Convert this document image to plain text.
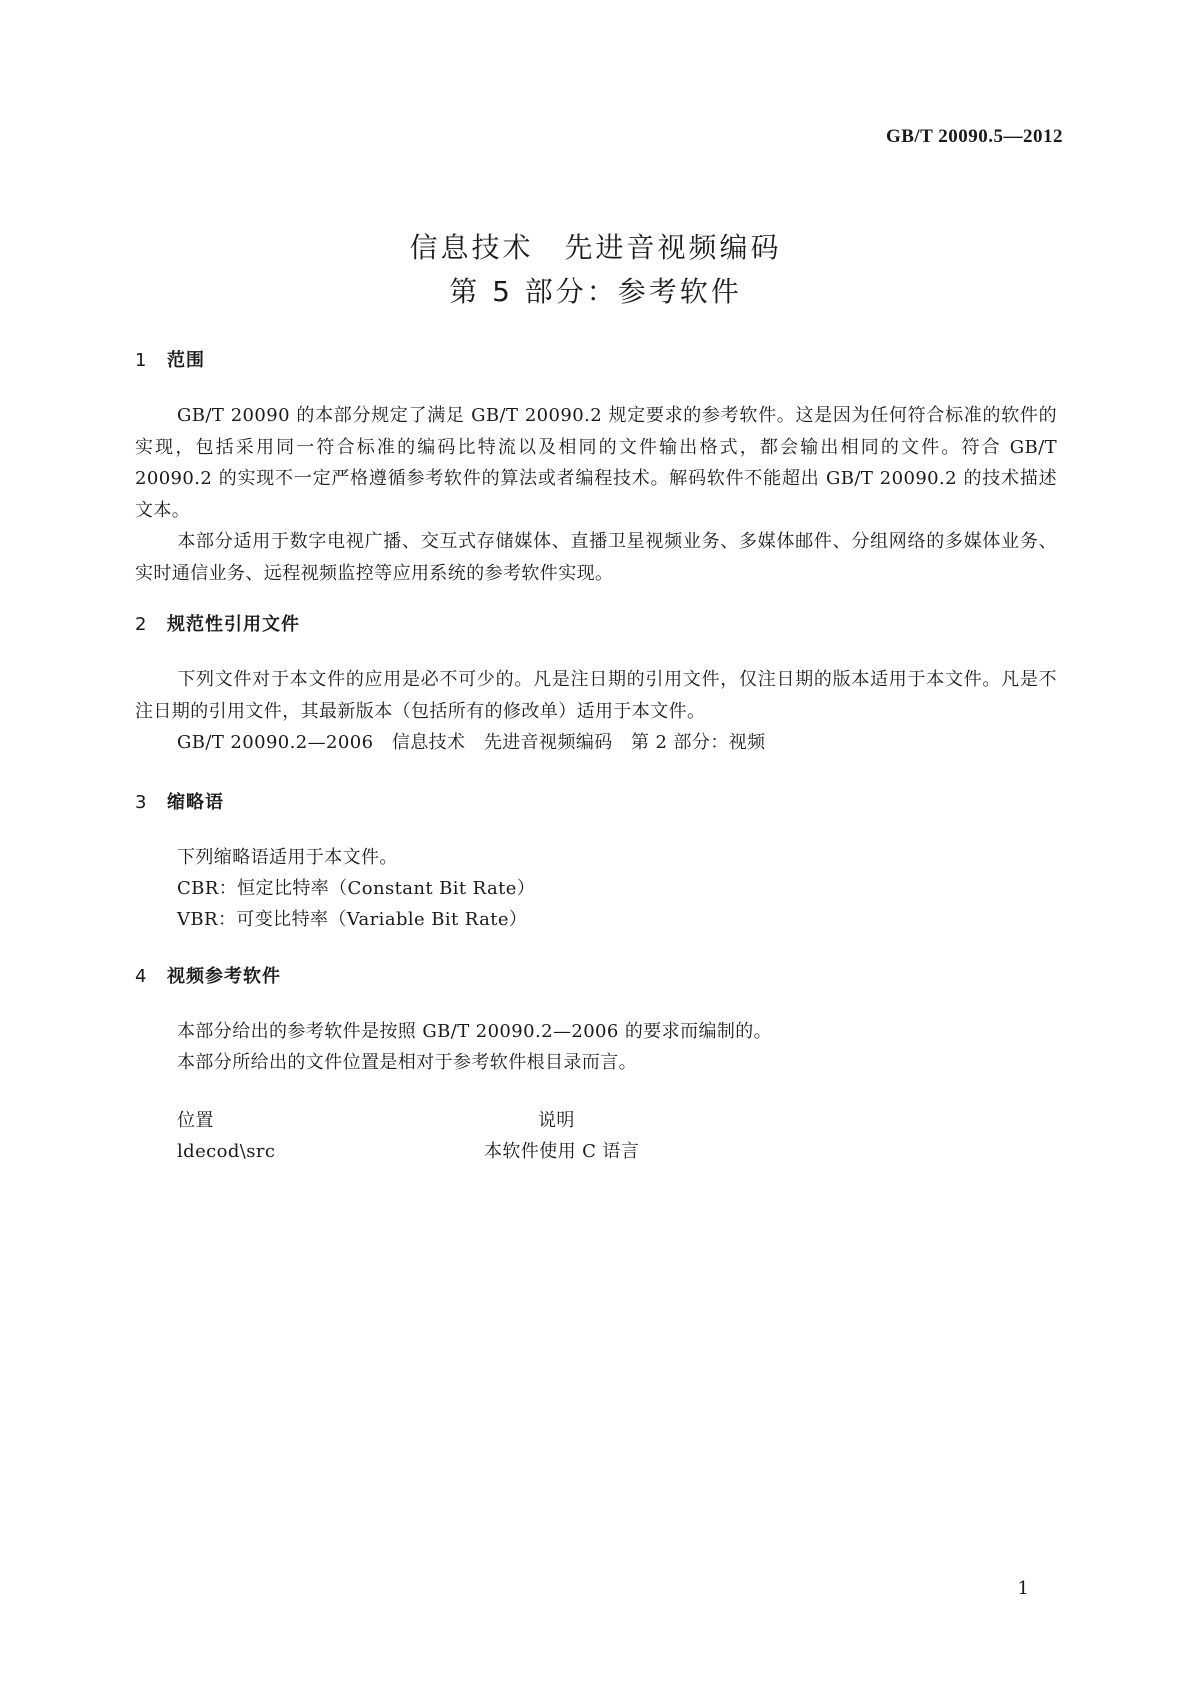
GB/T 20090.5—2012
信息技术　先进音视频编码
第 5 部分：参考软件
1 范围
GB/T 20090 的本部分规定了满足 GB/T 20090.2 规定要求的参考软件。这是因为任何符合标准的软件的实现，包括采用同一符合标准的编码比特流以及相同的文件输出格式，都会输出相同的文件。符合 GB/T 20090.2 的实现不一定严格遵循参考软件的算法或者编程技术。解码软件不能超出 GB/T 20090.2 的技术描述文本。
本部分适用于数字电视广播、交互式存储媒体、直播卫星视频业务、多媒体邮件、分组网络的多媒体业务、实时通信业务、远程视频监控等应用系统的参考软件实现。
2 规范性引用文件
下列文件对于本文件的应用是必不可少的。凡是注日期的引用文件，仅注日期的版本适用于本文件。凡是不注日期的引用文件，其最新版本（包括所有的修改单）适用于本文件。
GB/T 20090.2—2006　信息技术　先进音视频编码　第 2 部分：视频
3 缩略语
下列缩略语适用于本文件。
CBR：恒定比特率（Constant Bit Rate）
VBR：可变比特率（Variable Bit Rate）
4 视频参考软件
本部分给出的参考软件是按照 GB/T 20090.2—2006 的要求而编制的。
本部分所给出的文件位置是相对于参考软件根目录而言。
位置	说明
ldecod\src	本软件使用 C 语言
1
